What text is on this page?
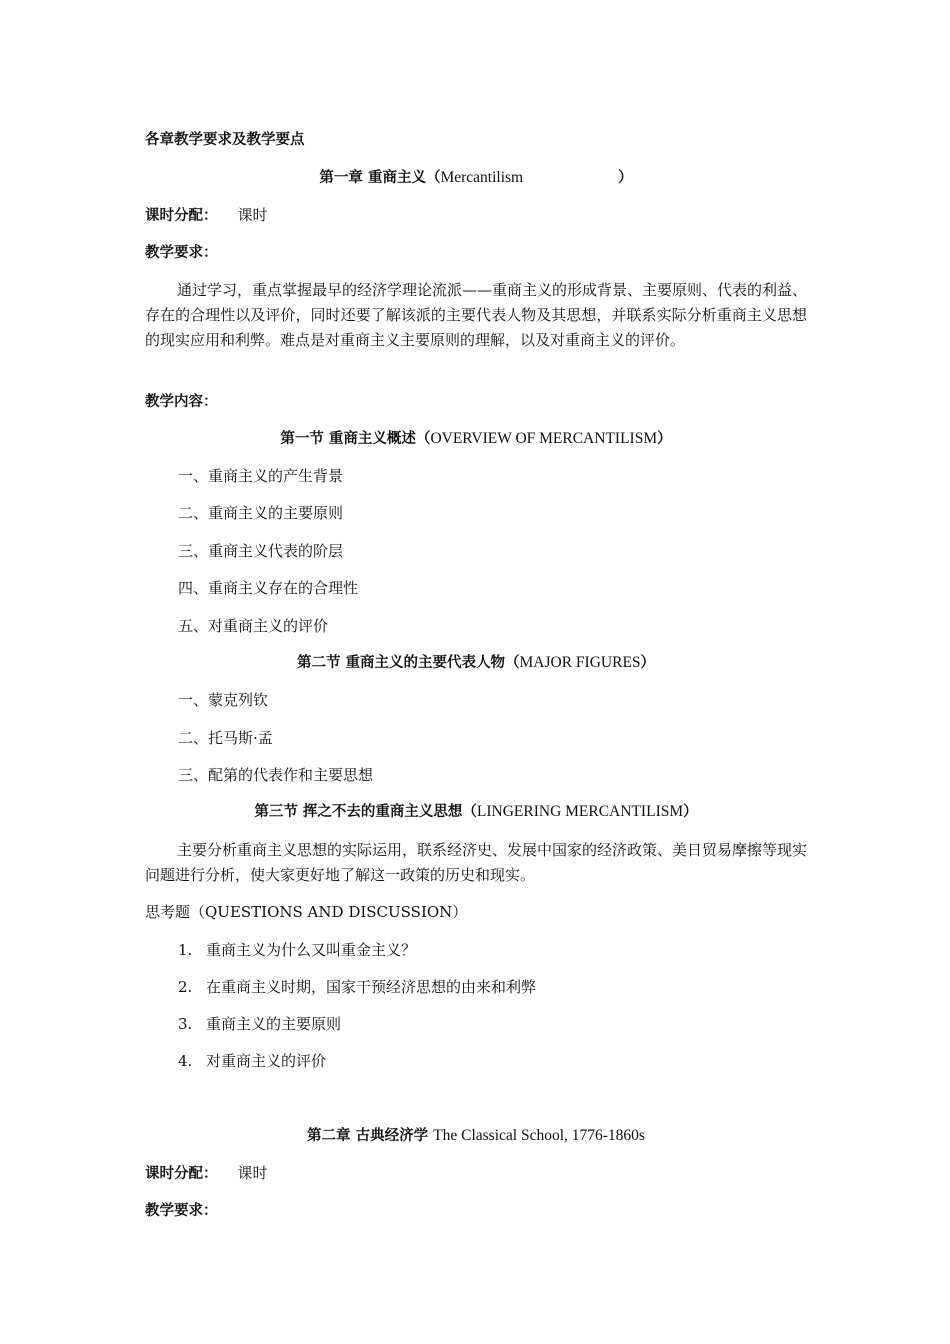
各章教学要求及教学要点
第一章 重商主义（Mercantilism	）
课时分配： 课时
教学要求：
通过学习，重点掌握最早的经济学理论流派——重商主义的形成背景、主要原则、代表的利益、存在的合理性以及评价，同时还要了解该派的主要代表人物及其思想，并联系实际分析重商主义思想的现实应用和利弊。难点是对重商主义主要原则的理解，以及对重商主义的评价。
教学内容：
第一节 重商主义概述（OVERVIEW OF MERCANTILISM）
一、重商主义的产生背景
二、重商主义的主要原则
三、重商主义代表的阶层
四、重商主义存在的合理性
五、对重商主义的评价
第二节 重商主义的主要代表人物（MAJOR FIGURES）
一、蒙克列钦
二、托马斯·孟
三、配第的代表作和主要思想
第三节 挥之不去的重商主义思想（LINGERING MERCANTILISM）
主要分析重商主义思想的实际运用，联系经济史、发展中国家的经济政策、美日贸易摩擦等现实问题进行分析，使大家更好地了解这一政策的历史和现实。
思考题（QUESTIONS AND DISCUSSION）
1. 重商主义为什么又叫重金主义？
2. 在重商主义时期，国家干预经济思想的由来和利弊
3. 重商主义的主要原则
4. 对重商主义的评价
第二章 古典经济学 The Classical School, 1776-1860s
课时分配： 课时
教学要求：
